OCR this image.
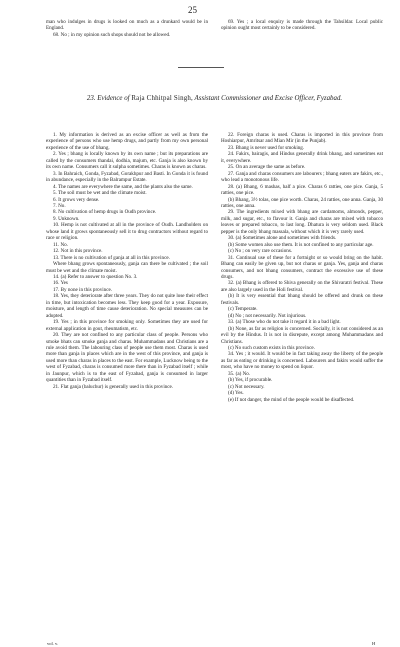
25

man who indulges in drugs is looked on much as a drunkard would be in England.

68. No ; in my opinion such shops should not be allowed.

69. Yes ; a local enquiry is made through the Tahsildar. Local public opinion ought most certainly to be considered.

23. Evidence of Raja Chhitpal Singh, Assistant Commissioner and Excise Officer, Fyzabad.

1. My information is derived as an excise officer as well as from the experience of persons who use hemp drugs, and partly from my own personal experience of the use of bhang.

2. Yes ; bhang is locally known by its own name ; but its preparations are called by the consumers thandai, dodhia, majum, etc. Ganja is also known by its own name. Consumers call it sulpha sometimes. Charas is known as charas.

3. In Bahraich, Gonda, Fyzabad, Gorakhpur and Basti. In Gonda it is found in abundance, especially in the Balrampur Estate.

4. The names are everywhere the same, and the plants also the same.

5. The soil must be wet and the climate moist.

6. It grows very dense.

7. No.

8. No cultivation of hemp drugs in Oudh province.

9. Unknown.

10. Hemp is not cultivated at all in the province of Oudh. Landholders on whose land it grows spontaneously sell it to drug contractors without regard to race or religion.

11. No.

12. Not in this province.

13. There is no cultivation of ganja at all in this province.

Where bhang grows spontaneously, ganja can there be cultivated ; the soil must be wet and the climate moist.

14. (a) Refer to answer to question No. 3.

16. Yes

17. By none in this province.

18. Yes, they deteriorate after three years. They do not quite lose their effect in time, but intoxication becomes less. They keep good for a year. Exposure, moisture, and length of time cause deterioration. No special measures can be adopted.

19. Yes ; in this province for smoking only. Sometimes they are used for external application in gout, rheumatism, etc.

20. They are not confined to any particular class of people. Persons who smoke bhats can smoke ganja and charas. Muhammadans and Christians are a rule avoid them. The labouring class of people use them most. Charas is used more than ganja in places which are in the west of this province, and ganja is used more than charas in places to the east. For example, Lucknow being to the west of Fyzabad, charas is consumed more there than in Fyzabad itself ; while in Jaunpur, which is to the east of Fyzabad, ganja is consumed in larger quantities than in Fyzabad itself.

21. Flat ganja (baluchur) is generally used in this province.

22. Foreign charas is used. Charas is imported in this province from Hoshiarpur, Amritsar and Mian Mir (in the Punjab).

23. Bhang is never used for smoking.

24. Fakirs, bairagis, and Hindus generally drink bhang, and sometimes eat it, everywhere.

25. On an average the same as before.

27. Ganja and charas consumers are labourers ; bhang eaters are fakirs, etc., who lead a monotonous life.

28. (a) Bhang, 6 mashas, half a pice. Charas 6 ratties, one pice. Ganja, 5 ratties, one pice.

(b) Bhang, 3½ tolas, one pice worth. Charas, 24 ratties, one anna. Ganja, 30 ratties, one anna.

29. The ingredients mixed with bhang are cardamoms, almonds, pepper, milk, and sugar, etc., to flavour it. Ganja and charas are mixed with tobacco leaves or prepared tobacco, to last long. Dhatura is very seldom used. Black pepper is the only bhang massala, without which it is very rarely used.

30. (a) Sometimes alone and sometimes with friends.

(b) Some women also use them. It is not confined to any particular age.

(c) No ; on very rare occasions.

31. Continual use of these for a fortnight or so would bring on the habit. Bhang can easily be given up, but not charas or ganja. Yes, ganja and charas consumers, and not bhang consumers, contract the excessive use of these drugs.

32. (a) Bhang is offered to Shiva generally on the Shivaratri festival. These are also largely used in the Holi festival.

(b) It is very essential that bhang should be offered and drunk on these festivals.

(c) Temperate.

(d) No ; not necessarily. Not injurious.

33. (a) Those who do not take it regard it in a bad light.

(b) None, as far as religion is concerned. Socially, it is not considered as an evil by the Hindus. It is not in disrepute, except among Muhammadans and Christians.

(c) No such custom exists in this province.

34. Yes ; it would. It would be in fact taking away the liberty of the people as far as eating or drinking is concerned. Labourers and fakirs would suffer the most, who have no money to spend on liquor.

35. (a) No.

(b) Yes, if procurable.

(c) Not necessary.

(d) Yes.

(e) If not danger, the mind of the people would be disaffected.

vol. v.	H
